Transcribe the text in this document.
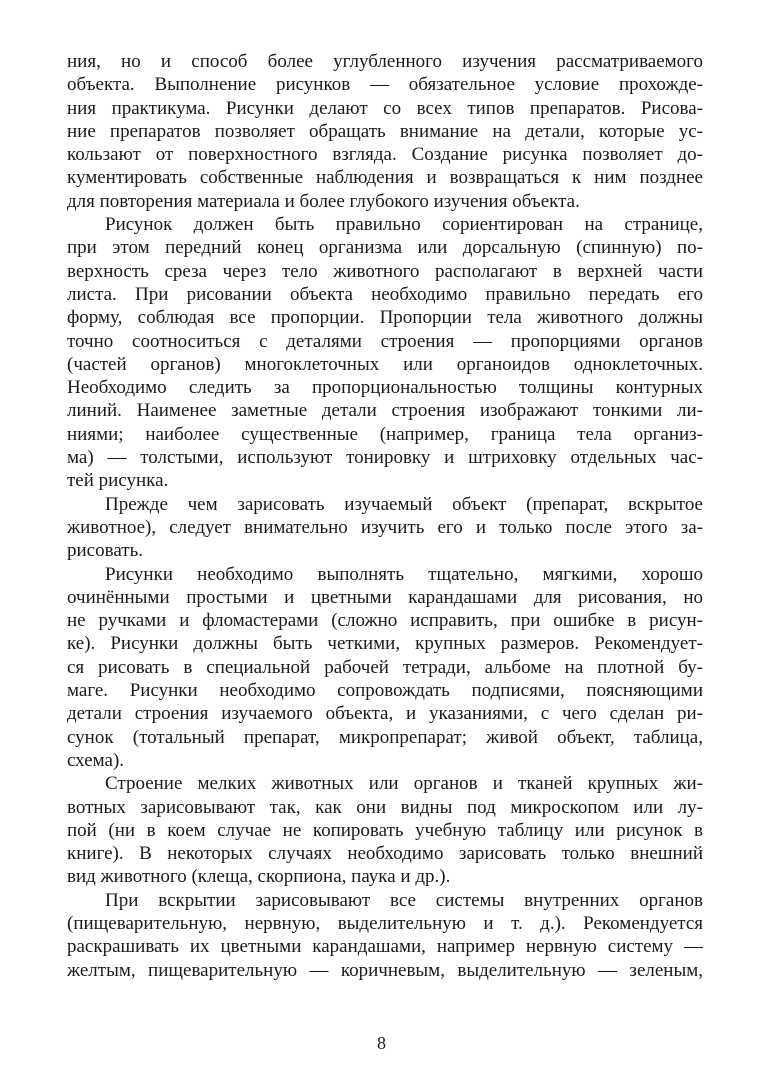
ния, но и способ более углубленного изучения рассматриваемого
объекта. Выполнение рисунков — обязательное условие прохожде-
ния практикума. Рисунки делают со всех типов препаратов. Рисова-
ние препаратов позволяет обращать внимание на детали, которые ус-
кользают от поверхностного взгляда. Создание рисунка позволяет до-
кументировать собственные наблюдения и возвращаться к ним позднее
для повторения материала и более глубокого изучения объекта.
Рисунок должен быть правильно сориентирован на странице,
при этом передний конец организма или дорсальную (спинную) по-
верхность среза через тело животного располагают в верхней части
листа. При рисовании объекта необходимо правильно передать его
форму, соблюдая все пропорции. Пропорции тела животного должны
точно соотноситься с деталями строения — пропорциями органов
(частей органов) многоклеточных или органоидов одноклеточных.
Необходимо следить за пропорциональностью толщины контурных
линий. Наименее заметные детали строения изображают тонкими ли-
ниями; наиболее существенные (например, граница тела организ-
ма) — толстыми, используют тонировку и штриховку отдельных час-
тей рисунка.
Прежде чем зарисовать изучаемый объект (препарат, вскрытое
животное), следует внимательно изучить его и только после этого за-
рисовать.
Рисунки необходимо выполнять тщательно, мягкими, хорошо
очинёнными простыми и цветными карандашами для рисования, но
не ручками и фломастерами (сложно исправить, при ошибке в рисун-
ке). Рисунки должны быть четкими, крупных размеров. Рекомендует-
ся рисовать в специальной рабочей тетради, альбоме на плотной бу-
маге. Рисунки необходимо сопровождать подписями, поясняющими
детали строения изучаемого объекта, и указаниями, с чего сделан ри-
сунок (тотальный препарат, микропрепарат; живой объект, таблица,
схема).
Строение мелких животных или органов и тканей крупных жи-
вотных зарисовывают так, как они видны под микроскопом или лу-
пой (ни в коем случае не копировать учебную таблицу или рисунок в
книге). В некоторых случаях необходимо зарисовать только внешний
вид животного (клеща, скорпиона, паука и др.).
При вскрытии зарисовывают все системы внутренних органов
(пищеварительную, нервную, выделительную и т. д.). Рекомендуется
раскрашивать их цветными карандашами, например нервную систему —
желтым, пищеварительную — коричневым, выделительную — зеленым,
8
